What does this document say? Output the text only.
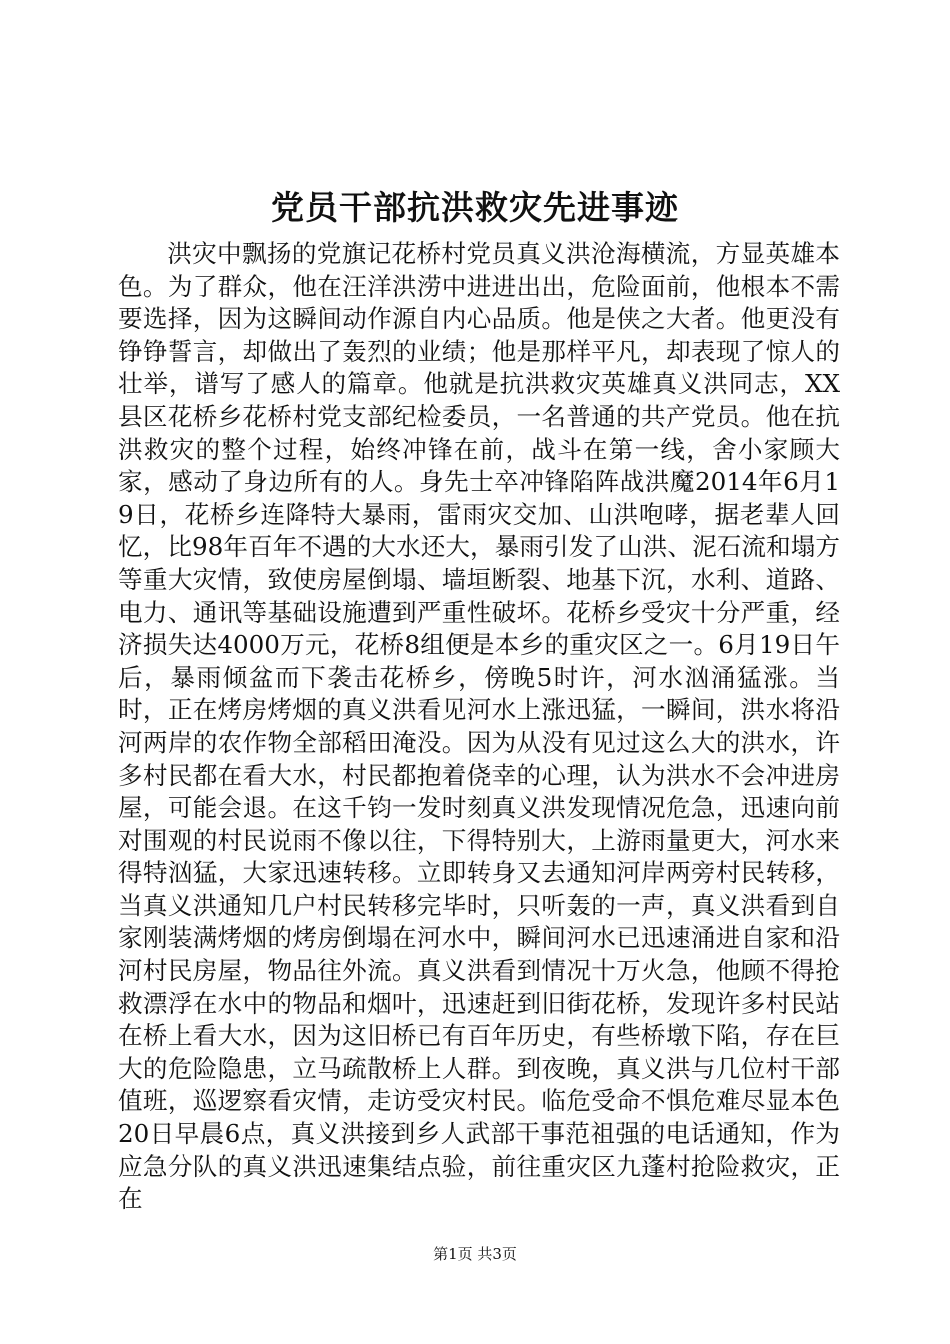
党员干部抗洪救灾先进事迹

洪灾中飘扬的党旗记花桥村党员真义洪沧海横流，方显英雄本色。为了群众，他在汪洋洪涝中进进出出，危险面前，他根本不需要选择，因为这瞬间动作源自内心品质。他是侠之大者。他更没有铮铮誓言，却做出了轰烈的业绩；他是那样平凡，却表现了惊人的壮举，谱写了感人的篇章。他就是抗洪救灾英雄真义洪同志，XX县区花桥乡花桥村党支部纪检委员，一名普通的共产党员。他在抗洪救灾的整个过程，始终冲锋在前，战斗在第一线，舍小家顾大家，感动了身边所有的人。身先士卒冲锋陷阵战洪魔2014年6月19日，花桥乡连降特大暴雨，雷雨灾交加、山洪咆哮，据老辈人回忆，比98年百年不遇的大水还大，暴雨引发了山洪、泥石流和塌方等重大灾情，致使房屋倒塌、墙垣断裂、地基下沉，水利、道路、电力、通讯等基础设施遭到严重性破坏。花桥乡受灾十分严重，经济损失达4000万元，花桥8组便是本乡的重灾区之一。6月19日午后，暴雨倾盆而下袭击花桥乡，傍晚5时许，河水汹涌猛涨。当时，正在烤房烤烟的真义洪看见河水上涨迅猛，一瞬间，洪水将沿河两岸的农作物全部稻田淹没。因为从没有见过这么大的洪水，许多村民都在看大水，村民都抱着侥幸的心理，认为洪水不会冲进房屋，可能会退。在这千钧一发时刻真义洪发现情况危急，迅速向前对围观的村民说雨不像以往，下得特别大，上游雨量更大，河水来得特汹猛，大家迅速转移。立即转身又去通知河岸两旁村民转移，当真义洪通知几户村民转移完毕时，只听轰的一声，真义洪看到自家刚装满烤烟的烤房倒塌在河水中，瞬间河水已迅速涌进自家和沿河村民房屋，物品往外流。真义洪看到情况十万火急，他顾不得抢救漂浮在水中的物品和烟叶，迅速赶到旧街花桥，发现许多村民站在桥上看大水，因为这旧桥已有百年历史，有些桥墩下陷，存在巨大的危险隐患，立马疏散桥上人群。到夜晚，真义洪与几位村干部值班，巡逻察看灾情，走访受灾村民。临危受命不惧危难尽显本色20日早晨6点，真义洪接到乡人武部干事范祖强的电话通知，作为应急分队的真义洪迅速集结点验，前往重灾区九蓬村抢险救灾，正在

第1页 共3页
